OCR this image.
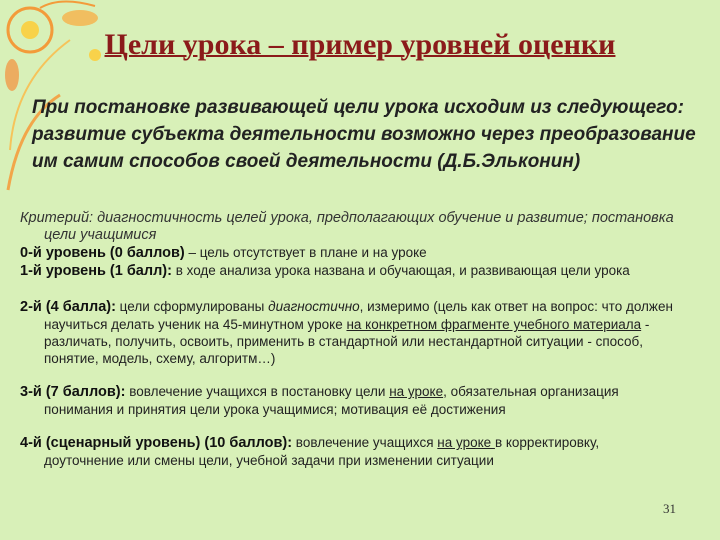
Цели урока – пример уровней оценки
При постановке развивающей цели урока исходим из следующего: развитие субъекта деятельности возможно через преобразование им самим способов своей деятельности (Д.Б.Эльконин)

Критерий: диагностичность целей урока, предполагающих обучение и развитие; постановка цели учащимися

0-й уровень (0 баллов) – цель отсутствует в плане и на уроке

1-й уровень (1 балл): в ходе анализа урока названа и обучающая, и развивающая цели урока

2-й (4 балла): цели сформулированы диагностично, измеримо (цель как ответ на вопрос: что должен научиться делать ученик на 45-минутном уроке на конкретном фрагменте учебного материала - различать, получить, освоить, применить в стандартной или нестандартной ситуации - способ, понятие, модель, схему, алгоритм…)

3-й (7 баллов): вовлечение учащихся в постановку цели на уроке, обязательная организация понимания и принятия цели урока учащимися; мотивация её достижения

4-й (сценарный уровень) (10 баллов): вовлечение учащихся на уроке в корректировку, доуточнение или смены цели, учебной задачи при изменении ситуации

31
